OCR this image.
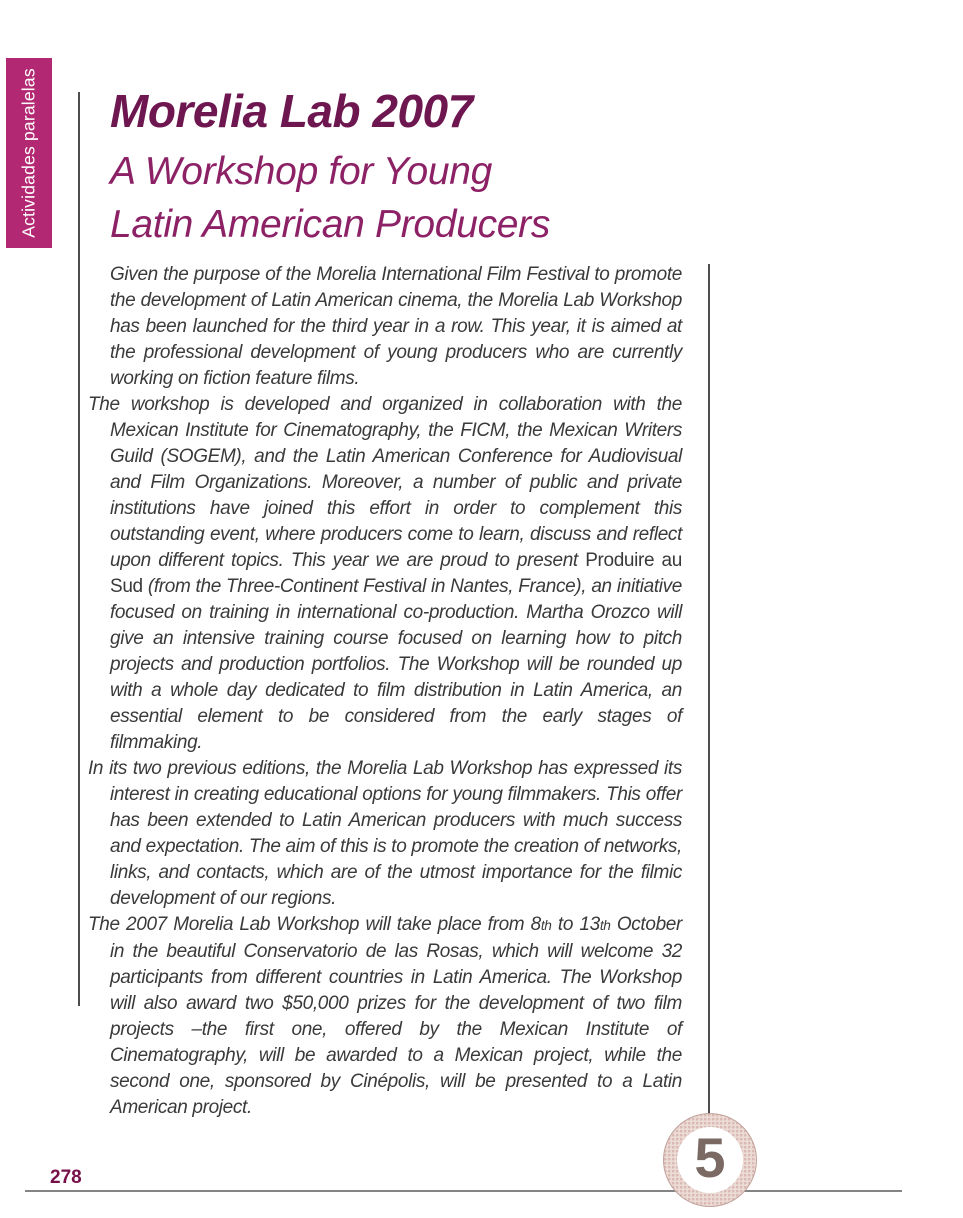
Actividades paralelas Morelia Lab 2007
A Workshop for Young
Latin American Producers

Given the purpose of the Morelia International Film Festival to promote the development of Latin American cinema, the Morelia Lab Workshop has been launched for the third year in a row. This year, it is aimed at the professional development of young producers who are currently working on fiction feature films.

The workshop is developed and organized in collaboration with the Mexican Institute for Cinematography, the FICM, the Mexican Writers Guild (SOGEM), and the Latin American Conference for Audiovisual and Film Organizations. Moreover, a number of public and private institutions have joined this effort in order to complement this outstanding event, where producers come to learn, discuss and reflect upon different topics. This year we are proud to present Produire au Sud (from the Three-Continent Festival in Nantes, France), an initiative focused on training in international co-production. Martha Orozco will give an intensive training course focused on learning how to pitch projects and production portfolios. The Workshop will be rounded up with a whole day dedicated to film distribution in Latin America, an essential element to be considered from the early stages of filmmaking.

In its two previous editions, the Morelia Lab Workshop has expressed its interest in creating educational options for young filmmakers. This offer has been extended to Latin American producers with much success and expectation. The aim of this is to promote the creation of networks, links, and contacts, which are of the utmost importance for the filmic development of our regions.

The 2007 Morelia Lab Workshop will take place from 8th to 13th October in the beautiful Conservatorio de las Rosas, which will welcome 32 participants from different countries in Latin America. The Workshop will also award two $50,000 prizes for the development of two film projects –the first one, offered by the Mexican Institute of Cinematography, will be awarded to a Mexican project, while the second one, sponsored by Cinépolis, will be presented to a Latin American project.

278	5
